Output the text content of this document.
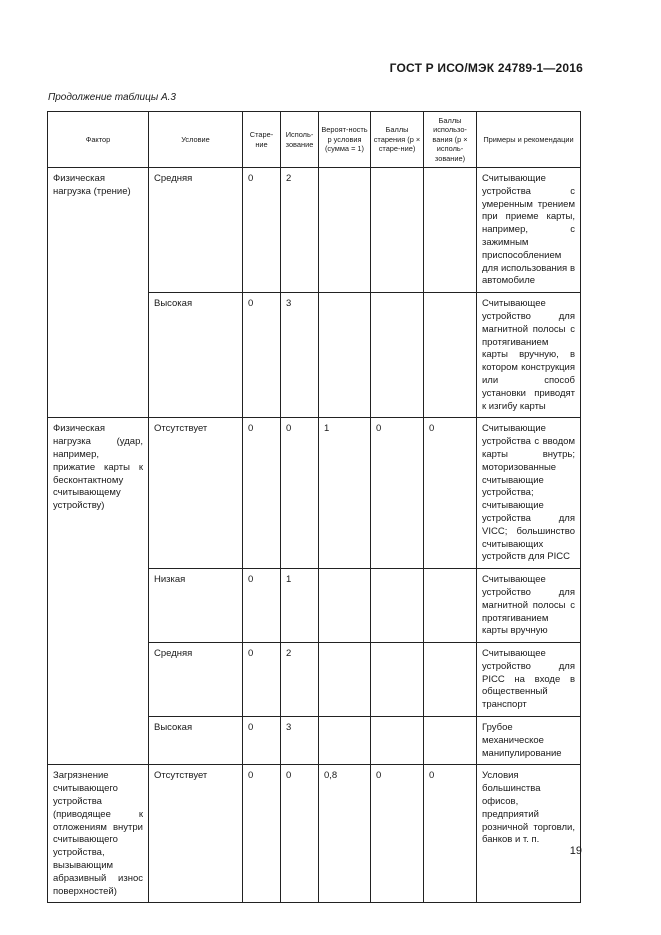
ГОСТ Р ИСО/МЭК 24789-1—2016
Продолжение таблицы А.3
Фактор	Условие	Старе-ние	Исполь-зование	Вероят-ность p условия (сумма = 1)	Баллы старения (p × старе-ние)	Баллы использо-вания (p × исполь-зование)	Примеры и рекомендации
Физическая нагрузка (трение)	Средняя	0	2				Считывающие устройства с умеренным трением при приеме карты, например, с зажимным приспособлением для использования в автомобиле
	Высокая	0	3				Считывающее устройство для магнитной полосы с протягиванием карты вручную, в котором конструкция или способ установки приводят к изгибу карты
Физическая нагрузка (удар, например, прижатие карты к бесконтактному считывающему устройству)	Отсутствует	0	0	1	0	0	Считывающие устройства с вводом карты внутрь; моторизованные считывающие устройства; считывающие устройства для VICC; большинство считывающих устройств для PICC
	Низкая	0	1				Считывающее устройство для магнитной полосы с протягиванием карты вручную
	Средняя	0	2				Считывающее устройство для PICC на входе в общественный транспорт
	Высокая	0	3				Грубое механическое манипулирование
Загрязнение считывающего устройства (приводящее к отложениям внутри считывающего устройства, вызывающим абразивный износ поверхностей)	Отсутствует	0	0	0,8	0	0	Условия большинства офисов, предприятий розничной торговли, банков и т. п.
19
